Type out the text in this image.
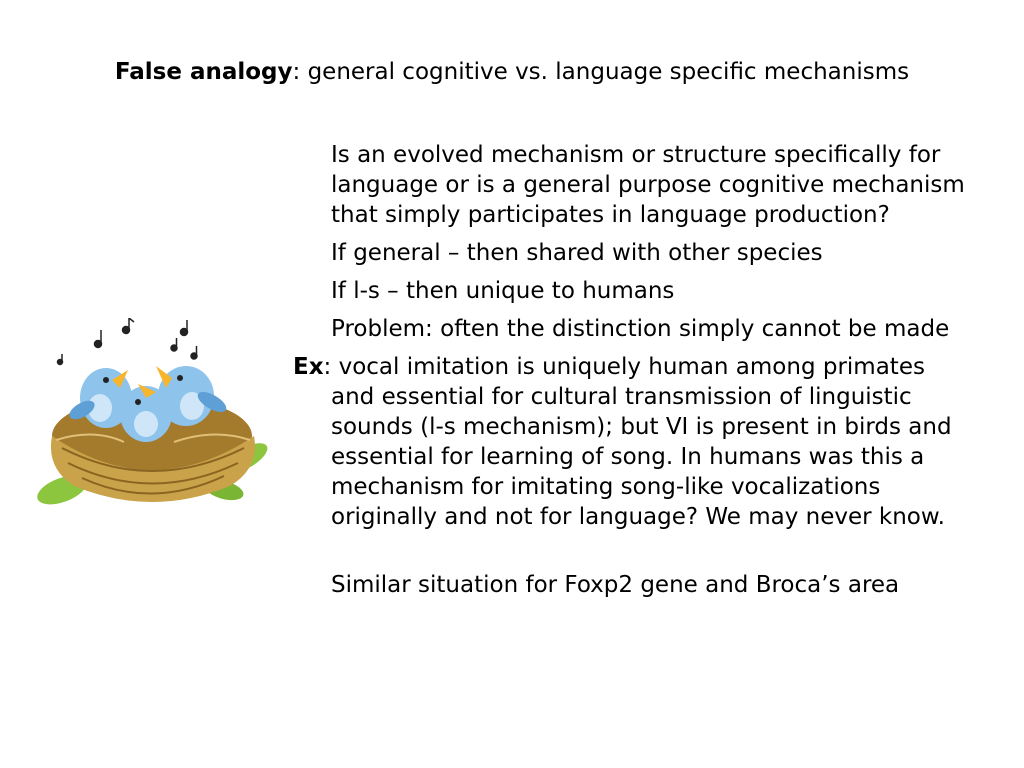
False analogy: general cognitive vs. language specific mechanisms

Is an evolved mechanism or structure specifically for language or is a general purpose cognitive mechanism that simply participates in language production?

If general – then shared with other species

If l-s – then unique to humans

Problem: often the distinction simply cannot be made

Ex: vocal imitation is uniquely human among primates and essential for cultural transmission of linguistic sounds (l-s mechanism); but VI is present in birds and essential for learning of song. In humans was this a mechanism for imitating song-like vocalizations originally and not for language? We may never know.

Similar situation for Foxp2 gene and Broca’s area
